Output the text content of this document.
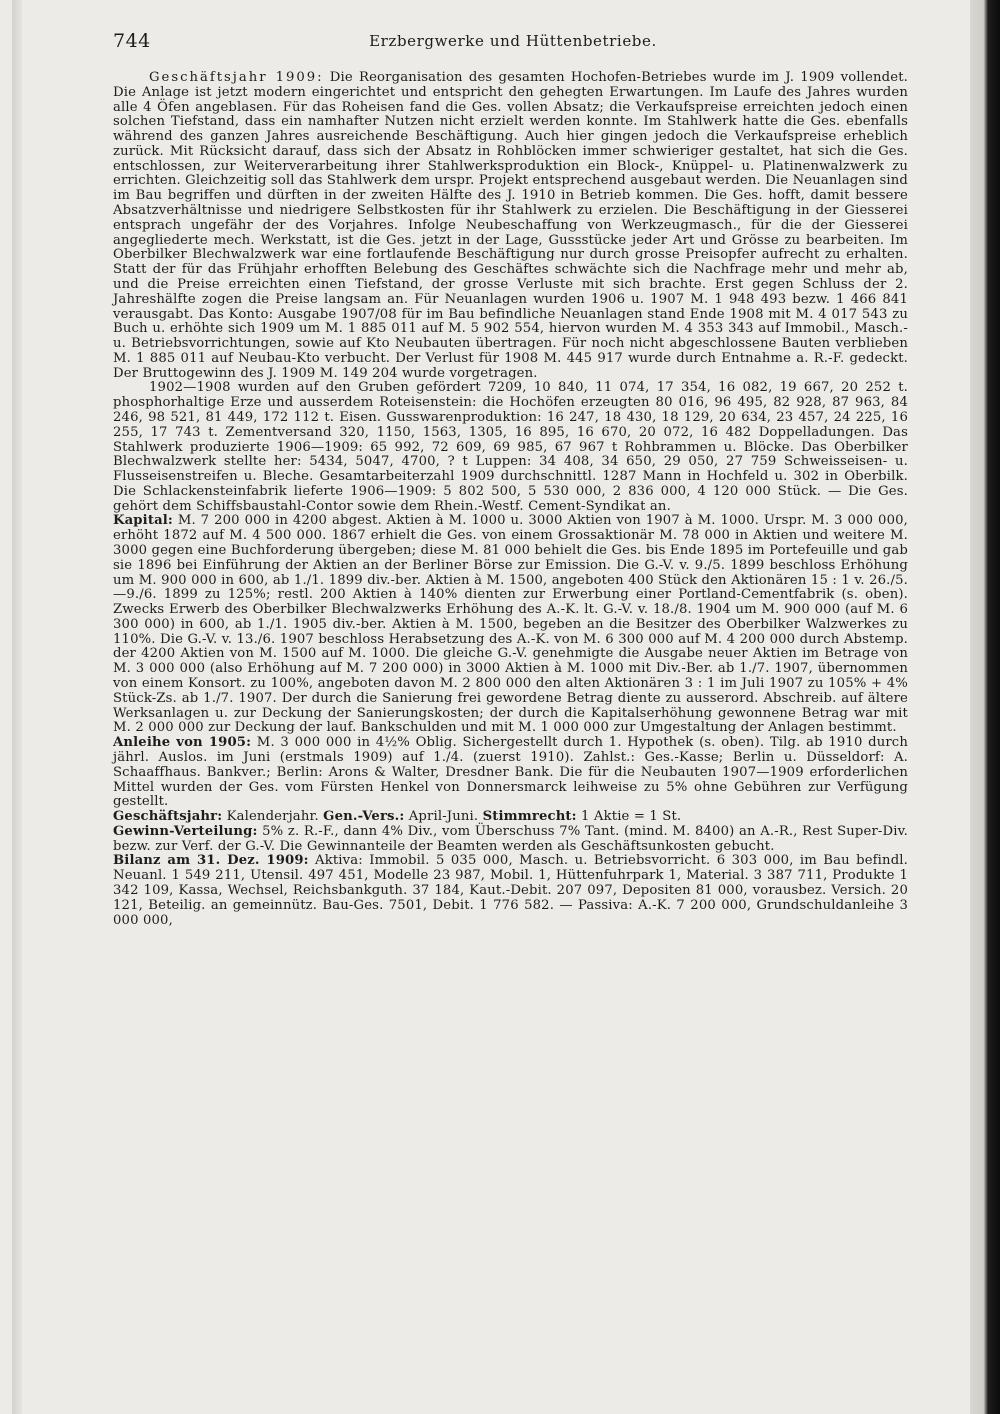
744	Erzbergwerke und Hüttenbetriebe.

Geschäftsjahr 1909: Die Reorganisation des gesamten Hochofen-Betriebes wurde im J. 1909 vollendet. Die Anlage ist jetzt modern eingerichtet und entspricht den gehegten Erwartungen. Im Laufe des Jahres wurden alle 4 Öfen angeblasen. Für das Roheisen fand die Ges. vollen Absatz; die Verkaufspreise erreichten jedoch einen solchen Tiefstand, dass ein namhafter Nutzen nicht erzielt werden konnte. Im Stahlwerk hatte die Ges. ebenfalls während des ganzen Jahres ausreichende Beschäftigung. Auch hier gingen jedoch die Verkaufspreise erheblich zurück. Mit Rücksicht darauf, dass sich der Absatz in Rohblöcken immer schwieriger gestaltet, hat sich die Ges. entschlossen, zur Weiterverarbeitung ihrer Stahlwerksproduktion ein Block-, Knüppel- u. Platinenwalzwerk zu errichten. Gleichzeitig soll das Stahlwerk dem urspr. Projekt entsprechend ausgebaut werden. Die Neuanlagen sind im Bau begriffen und dürften in der zweiten Hälfte des J. 1910 in Betrieb kommen. Die Ges. hofft, damit bessere Absatzverhältnisse und niedrigere Selbstkosten für ihr Stahlwerk zu erzielen. Die Beschäftigung in der Giesserei entsprach ungefähr der des Vorjahres. Infolge Neubeschaffung von Werkzeugmasch., für die der Giesserei angegliederte mech. Werkstatt, ist die Ges. jetzt in der Lage, Gussstücke jeder Art und Grösse zu bearbeiten. Im Oberbilker Blechwalzwerk war eine fortlaufende Beschäftigung nur durch grosse Preisopfer aufrecht zu erhalten. Statt der für das Frühjahr erhofften Belebung des Geschäftes schwächte sich die Nachfrage mehr und mehr ab, und die Preise erreichten einen Tiefstand, der grosse Verluste mit sich brachte. Erst gegen Schluss der 2. Jahreshälfte zogen die Preise langsam an. Für Neuanlagen wurden 1906 u. 1907 M. 1 948 493 bezw. 1 466 841 verausgabt. Das Konto: Ausgabe 1907/08 für im Bau befindliche Neuanlagen stand Ende 1908 mit M. 4 017 543 zu Buch u. erhöhte sich 1909 um M. 1 885 011 auf M. 5 902 554, hiervon wurden M. 4 353 343 auf Immobil., Masch.- u. Betriebsvorrichtungen, sowie auf Kto Neubauten übertragen. Für noch nicht abgeschlossene Bauten verblieben M. 1 885 011 auf Neubau-Kto verbucht. Der Verlust für 1908 M. 445 917 wurde durch Entnahme a. R.-F. gedeckt. Der Bruttogewinn des J. 1909 M. 149 204 wurde vorgetragen.

1902—1908 wurden auf den Gruben gefördert 7209, 10 840, 11 074, 17 354, 16 082, 19 667, 20 252 t. phosphorhaltige Erze und ausserdem Roteisenstein: die Hochöfen erzeugten 80 016, 96 495, 82 928, 87 963, 84 246, 98 521, 81 449, 172 112 t. Eisen. Gusswarenproduktion: 16 247, 18 430, 18 129, 20 634, 23 457, 24 225, 16 255, 17 743 t. Zementversand 320, 1150, 1563, 1305, 16 895, 16 670, 20 072, 16 482 Doppelladungen. Das Stahlwerk produzierte 1906—1909: 65 992, 72 609, 69 985, 67 967 t Rohbrammen u. Blöcke. Das Oberbilker Blechwalzwerk stellte her: 5434, 5047, 4700, ? t Luppen: 34 408, 34 650, 29 050, 27 759 Schweisseisen- u. Flusseisenstreifen u. Bleche. Gesamtarbeiterzahl 1909 durchschnittl. 1287 Mann in Hochfeld u. 302 in Oberbilk. Die Schlackensteinfabrik lieferte 1906—1909: 5 802 500, 5 530 000, 2 836 000, 4 120 000 Stück. — Die Ges. gehört dem Schiffsbaustahl-Contor sowie dem Rhein.-Westf. Cement-Syndikat an.

Kapital: M. 7 200 000 in 4200 abgest. Aktien à M. 1000 u. 3000 Aktien von 1907 à M. 1000. Urspr. M. 3 000 000, erhöht 1872 auf M. 4 500 000. 1867 erhielt die Ges. von einem Grossaktionär M. 78 000 in Aktien und weitere M. 3000 gegen eine Buchforderung übergeben; diese M. 81 000 behielt die Ges. bis Ende 1895 im Portefeuille und gab sie 1896 bei Einführung der Aktien an der Berliner Börse zur Emission. Die G.-V. v. 9./5. 1899 beschloss Erhöhung um M. 900 000 in 600, ab 1./1. 1899 div.-ber. Aktien à M. 1500, angeboten 400 Stück den Aktionären 15 : 1 v. 26./5.—9./6. 1899 zu 125%; restl. 200 Aktien à 140% dienten zur Erwerbung einer Portland-Cementfabrik (s. oben). Zwecks Erwerb des Oberbilker Blechwalzwerks Erhöhung des A.-K. lt. G.-V. v. 18./8. 1904 um M. 900 000 (auf M. 6 300 000) in 600, ab 1./1. 1905 div.-ber. Aktien à M. 1500, begeben an die Besitzer des Oberbilker Walzwerkes zu 110%. Die G.-V. v. 13./6. 1907 beschloss Herabsetzung des A.-K. von M. 6 300 000 auf M. 4 200 000 durch Abstemp. der 4200 Aktien von M. 1500 auf M. 1000. Die gleiche G.-V. genehmigte die Ausgabe neuer Aktien im Betrage von M. 3 000 000 (also Erhöhung auf M. 7 200 000) in 3000 Aktien à M. 1000 mit Div.-Ber. ab 1./7. 1907, übernommen von einem Konsort. zu 100%, angeboten davon M. 2 800 000 den alten Aktionären 3 : 1 im Juli 1907 zu 105% + 4% Stück-Zs. ab 1./7. 1907. Der durch die Sanierung frei gewordene Betrag diente zu ausserord. Abschreib. auf ältere Werksanlagen u. zur Deckung der Sanierungskosten; der durch die Kapitalserhöhung gewonnene Betrag war mit M. 2 000 000 zur Deckung der lauf. Bankschulden und mit M. 1 000 000 zur Umgestaltung der Anlagen bestimmt.

Anleihe von 1905: M. 3 000 000 in 4½% Oblig. Sichergestellt durch 1. Hypothek (s. oben). Tilg. ab 1910 durch jährl. Auslos. im Juni (erstmals 1909) auf 1./4. (zuerst 1910). Zahlst.: Ges.-Kasse; Berlin u. Düsseldorf: A. Schaaffhaus. Bankver.; Berlin: Arons & Walter, Dresdner Bank. Die für die Neubauten 1907—1909 erforderlichen Mittel wurden der Ges. vom Fürsten Henkel von Donnersmarck leihweise zu 5% ohne Gebühren zur Verfügung gestellt.

Geschäftsjahr: Kalenderjahr. Gen.-Vers.: April-Juni. Stimmrecht: 1 Aktie = 1 St.

Gewinn-Verteilung: 5% z. R.-F., dann 4% Div., vom Überschuss 7% Tant. (mind. M. 8400) an A.-R., Rest Super-Div. bezw. zur Verf. der G.-V. Die Gewinnanteile der Beamten werden als Geschäftsunkosten gebucht.

Bilanz am 31. Dez. 1909: Aktiva: Immobil. 5 035 000, Masch. u. Betriebsvorricht. 6 303 000, im Bau befindl. Neuanl. 1 549 211, Utensil. 497 451, Modelle 23 987, Mobil. 1, Hüttenfuhrpark 1, Material. 3 387 711, Produkte 1 342 109, Kassa, Wechsel, Reichsbankguth. 37 184, Kaut.-Debit. 207 097, Depositen 81 000, vorausbez. Versich. 20 121, Beteilig. an gemeinnütz. Bau-Ges. 7501, Debit. 1 776 582. — Passiva: A.-K. 7 200 000, Grundschuldanleihe 3 000 000,
